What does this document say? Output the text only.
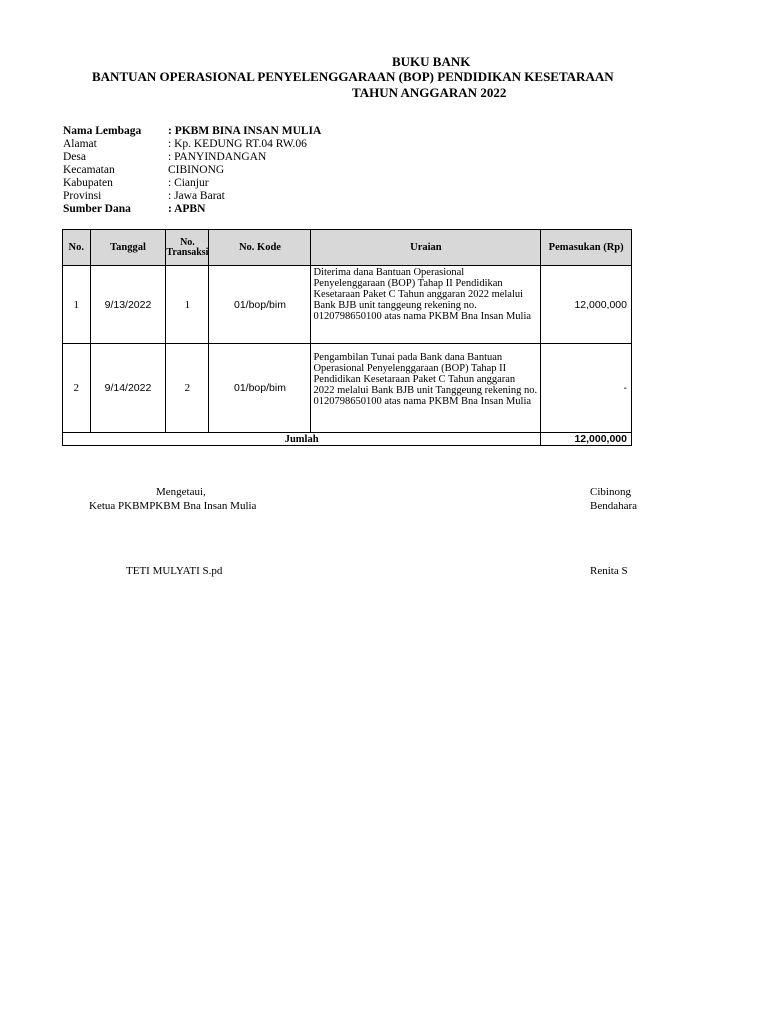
BUKU BANK
BANTUAN OPERASIONAL PENYELENGGARAAN (BOP) PENDIDIKAN KESETARAAN
TAHUN ANGGARAN 2022
Nama Lembaga	: PKBM BINA INSAN MULIA
Alamat	: Kp. KEDUNG RT.04 RW.06
Desa	: PANYINDANGAN
Kecamatan	CIBINONG
Kabupaten	: Cianjur
Provinsi	: Jawa Barat
Sumber Dana	: APBN
No.	Tanggal	No. Transaksi	No. Kode	Uraian	Pemasukan (Rp)
1	9/13/2022	1	01/bop/bim	Diterima dana Bantuan Operasional Penyelenggaraan (BOP) Tahap II Pendidikan Kesetaraan Paket C Tahun anggaran 2022 melalui Bank BJB unit tanggeung rekening no. 0120798650100 atas nama PKBM Bna Insan Mulia	12,000,000
2	9/14/2022	2	01/bop/bim	Pengambilan Tunai pada Bank dana Bantuan Operasional Penyelenggaraan (BOP) Tahap II Pendidikan Kesetaraan Paket C Tahun anggaran 2022 melalui Bank BJB unit Tanggeung rekening no. 0120798650100 atas nama PKBM Bna Insan Mulia	-
Jumlah					12,000,000
Mengetaui,
Ketua PKBMPKBM Bna Insan Mulia
TETI MULYATI S.pd
Cibinong
Bendahara
Renita S
